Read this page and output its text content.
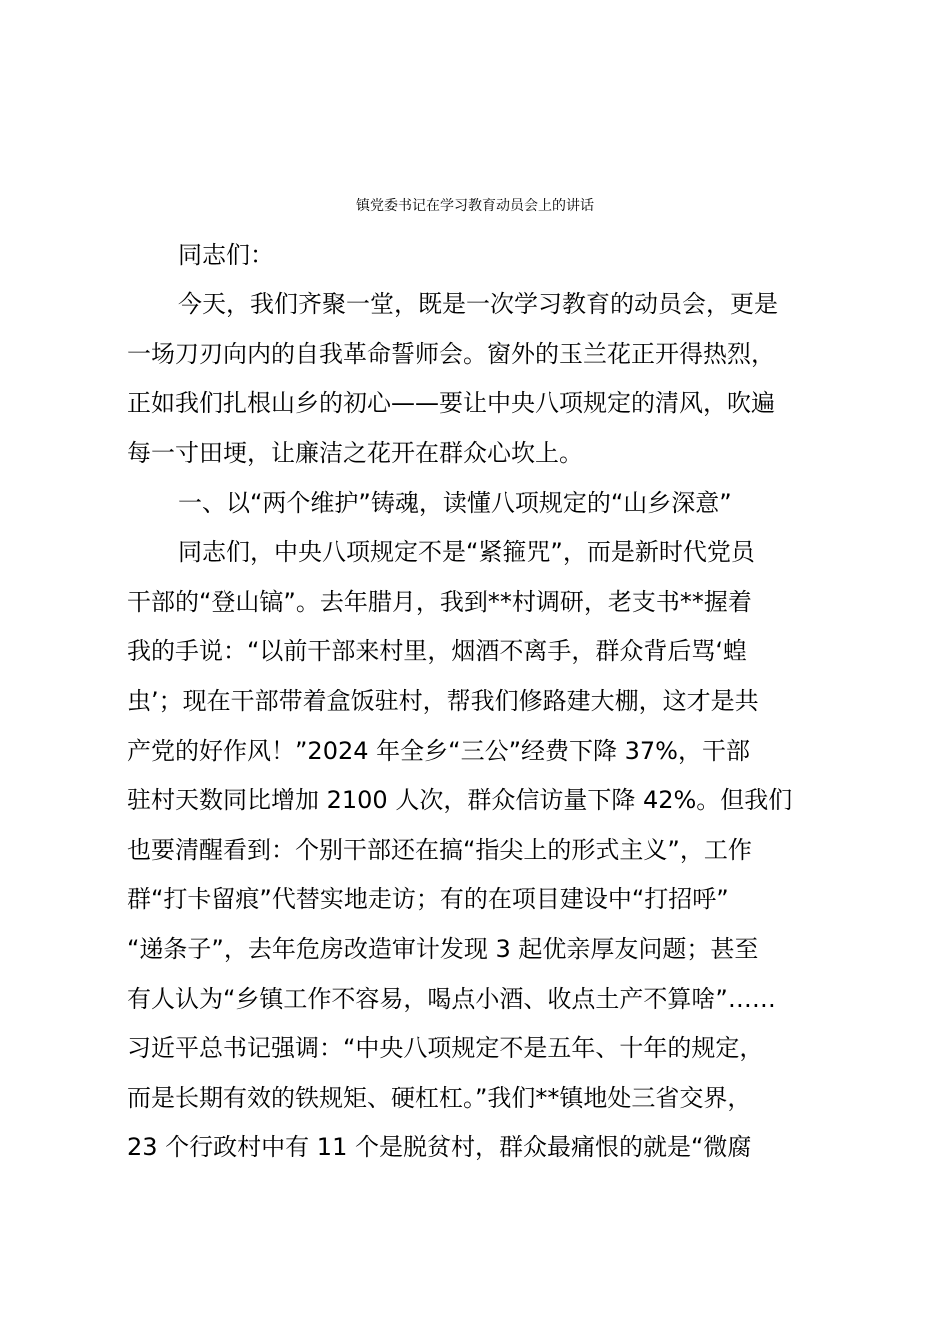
镇党委书记在学习教育动员会上的讲话
同志们：
今天，我们齐聚一堂，既是一次学习教育的动员会，更是
一场刀刃向内的自我革命誓师会。窗外的玉兰花正开得热烈，
正如我们扎根山乡的初心——要让中央八项规定的清风，吹遍
每一寸田埂，让廉洁之花开在群众心坎上。
一、以“两个维护”铸魂，读懂八项规定的“山乡深意”
同志们，中央八项规定不是“紧箍咒”，而是新时代党员
干部的“登山镐”。去年腊月，我到**村调研，老支书**握着
我的手说：“以前干部来村里，烟酒不离手，群众背后骂‘蝗
虫’；现在干部带着盒饭驻村，帮我们修路建大棚，这才是共
产党的好作风！”2024 年全乡“三公”经费下降 37%，干部
驻村天数同比增加 2100 人次，群众信访量下降 42%。但我们
也要清醒看到：个别干部还在搞“指尖上的形式主义”，工作
群“打卡留痕”代替实地走访；有的在项目建设中“打招呼”
“递条子”，去年危房改造审计发现 3 起优亲厚友问题；甚至
有人认为“乡镇工作不容易，喝点小酒、收点土产不算啥”……
习近平总书记强调：“中央八项规定不是五年、十年的规定，
而是长期有效的铁规矩、硬杠杠。”我们**镇地处三省交界，
23 个行政村中有 11 个是脱贫村，群众最痛恨的就是“微腐
